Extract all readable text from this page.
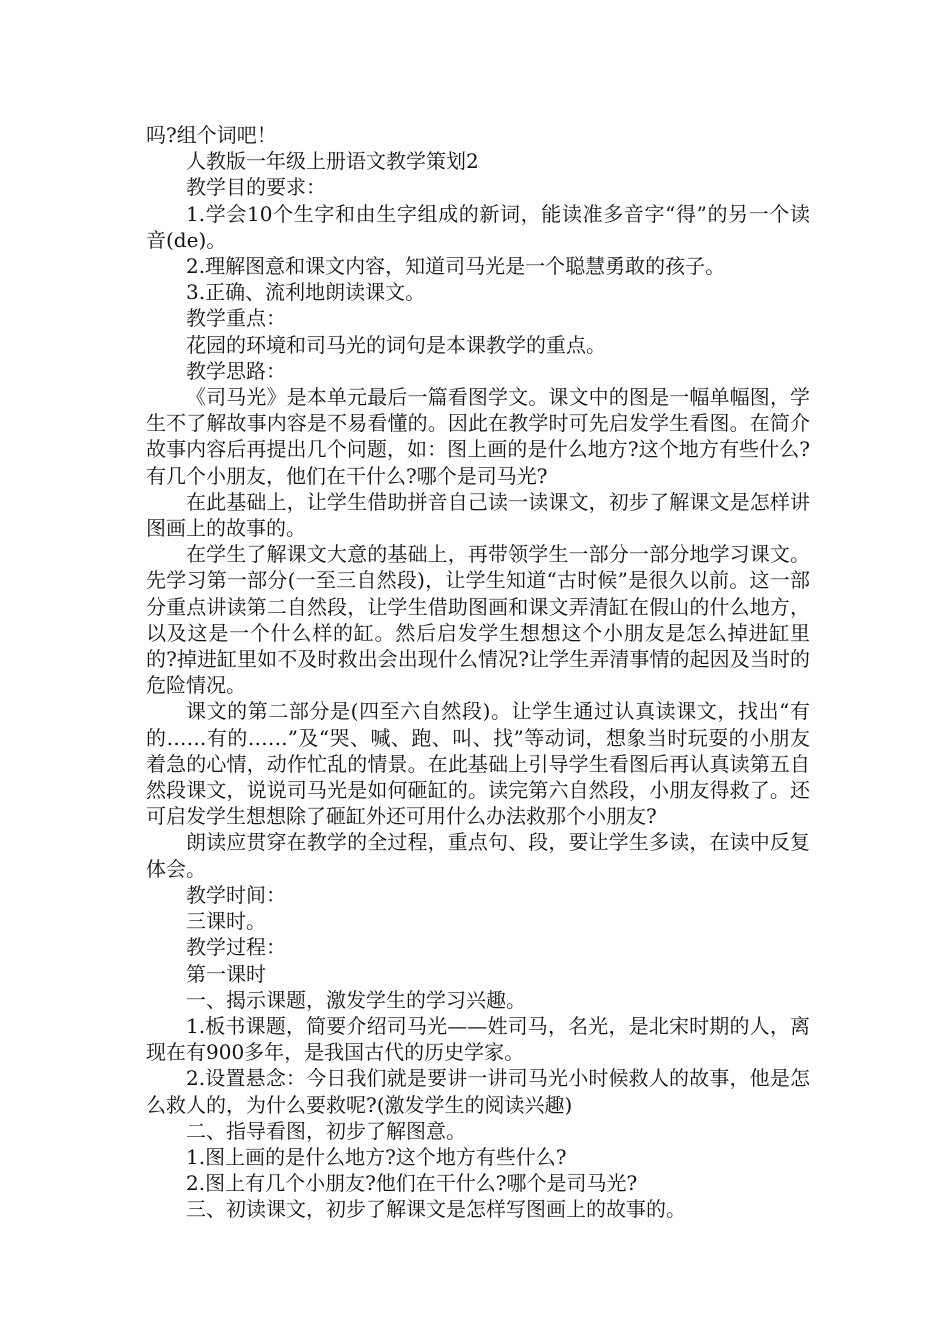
吗?组个词吧！

人教版一年级上册语文教学策划2

教学目的要求：

1.学会10个生字和由生字组成的新词，能读准多音字“得”的另一个读音(de)。

2.理解图意和课文内容，知道司马光是一个聪慧勇敢的孩子。

3.正确、流利地朗读课文。

教学重点：

花园的环境和司马光的词句是本课教学的重点。

教学思路：

《司马光》是本单元最后一篇看图学文。课文中的图是一幅单幅图，学生不了解故事内容是不易看懂的。因此在教学时可先启发学生看图。在简介故事内容后再提出几个问题，如：图上画的是什么地方?这个地方有些什么?有几个小朋友，他们在干什么?哪个是司马光?

在此基础上，让学生借助拼音自己读一读课文，初步了解课文是怎样讲图画上的故事的。

在学生了解课文大意的基础上，再带领学生一部分一部分地学习课文。先学习第一部分(一至三自然段)，让学生知道“古时候”是很久以前。这一部分重点讲读第二自然段，让学生借助图画和课文弄清缸在假山的什么地方，以及这是一个什么样的缸。然后启发学生想想这个小朋友是怎么掉进缸里的?掉进缸里如不及时救出会出现什么情况?让学生弄清事情的起因及当时的危险情况。

课文的第二部分是(四至六自然段)。让学生通过认真读课文，找出“有的……有的……”及“哭、喊、跑、叫、找”等动词，想象当时玩耍的小朋友着急的心情，动作忙乱的情景。在此基础上引导学生看图后再认真读第五自然段课文，说说司马光是如何砸缸的。读完第六自然段，小朋友得救了。还可启发学生想想除了砸缸外还可用什么办法救那个小朋友?

朗读应贯穿在教学的全过程，重点句、段，要让学生多读，在读中反复体会。

教学时间：

三课时。

教学过程：

第一课时

一、揭示课题，激发学生的学习兴趣。

1.板书课题，简要介绍司马光——姓司马，名光，是北宋时期的人，离现在有900多年，是我国古代的历史学家。

2.设置悬念：今日我们就是要讲一讲司马光小时候救人的故事，他是怎么救人的，为什么要救呢?(激发学生的阅读兴趣)

二、指导看图，初步了解图意。

1.图上画的是什么地方?这个地方有些什么?

2.图上有几个小朋友?他们在干什么?哪个是司马光?

三、初读课文，初步了解课文是怎样写图画上的故事的。
